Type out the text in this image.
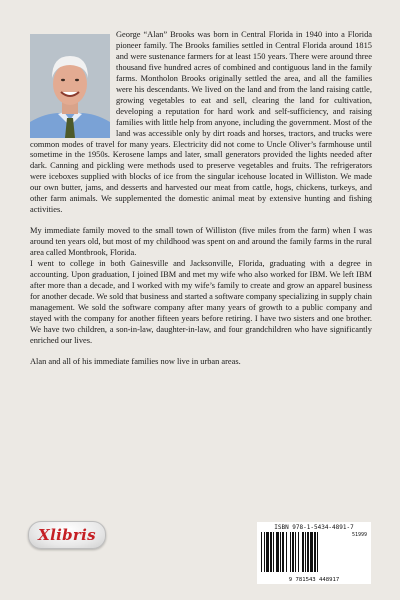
George “Alan” Brooks was born in Central Florida in 1940 into a Florida pioneer family. The Brooks families settled in Central Florida around 1815 and were sustenance farmers for at least 150 years. There were around three thousand five hundred acres of combined and contiguous land in the family farms. Montholon Brooks originally settled the area, and all the families were his descendants. We lived on the land and from the land raising cattle, growing vegetables to eat and sell, clearing the land for cultivation, developing a reputation for hard work and self-sufficiency, and raising families with little help from anyone, including the government. Most of the land was accessible only by dirt roads and horses, tractors, and trucks were common modes of travel for many years. Electricity did not come to Uncle Oliver’s farmhouse until sometime in the 1950s. Kerosene lamps and later, small generators provided the lights needed after dark. Canning and pickling were methods used to preserve vegetables and fruits. The refrigerators were iceboxes supplied with blocks of ice from the singular icehouse located in Williston. We made our own butter, jams, and desserts and harvested our meat from cattle, hogs, chickens, turkeys, and other farm animals. We supplemented the domestic animal meat by extensive hunting and fishing activities.

My immediate family moved to the small town of Williston (five miles from the farm) when I was around ten years old, but most of my childhood was spent on and around the family farms in the rural area called Montbrook, Florida.

I went to college in both Gainesville and Jacksonville, Florida, graduating with a degree in accounting. Upon graduation, I joined IBM and met my wife who also worked for IBM. We left IBM after more than a decade, and I worked with my wife’s family to create and grow an apparel business for another decade. We sold that business and started a software company specializing in supply chain management. We sold the software company after many years of growth to a public company and stayed with the company for another fifteen years before retiring. I have two sisters and one brother. We have two children, a son-in-law, daughter-in-law, and four grandchildren who have significantly enriched our lives.

Alan and all of his immediate families now live in urban areas.

Xlibris	ISBN 978-1-5434-4891-7
51999
9 781543 448917
